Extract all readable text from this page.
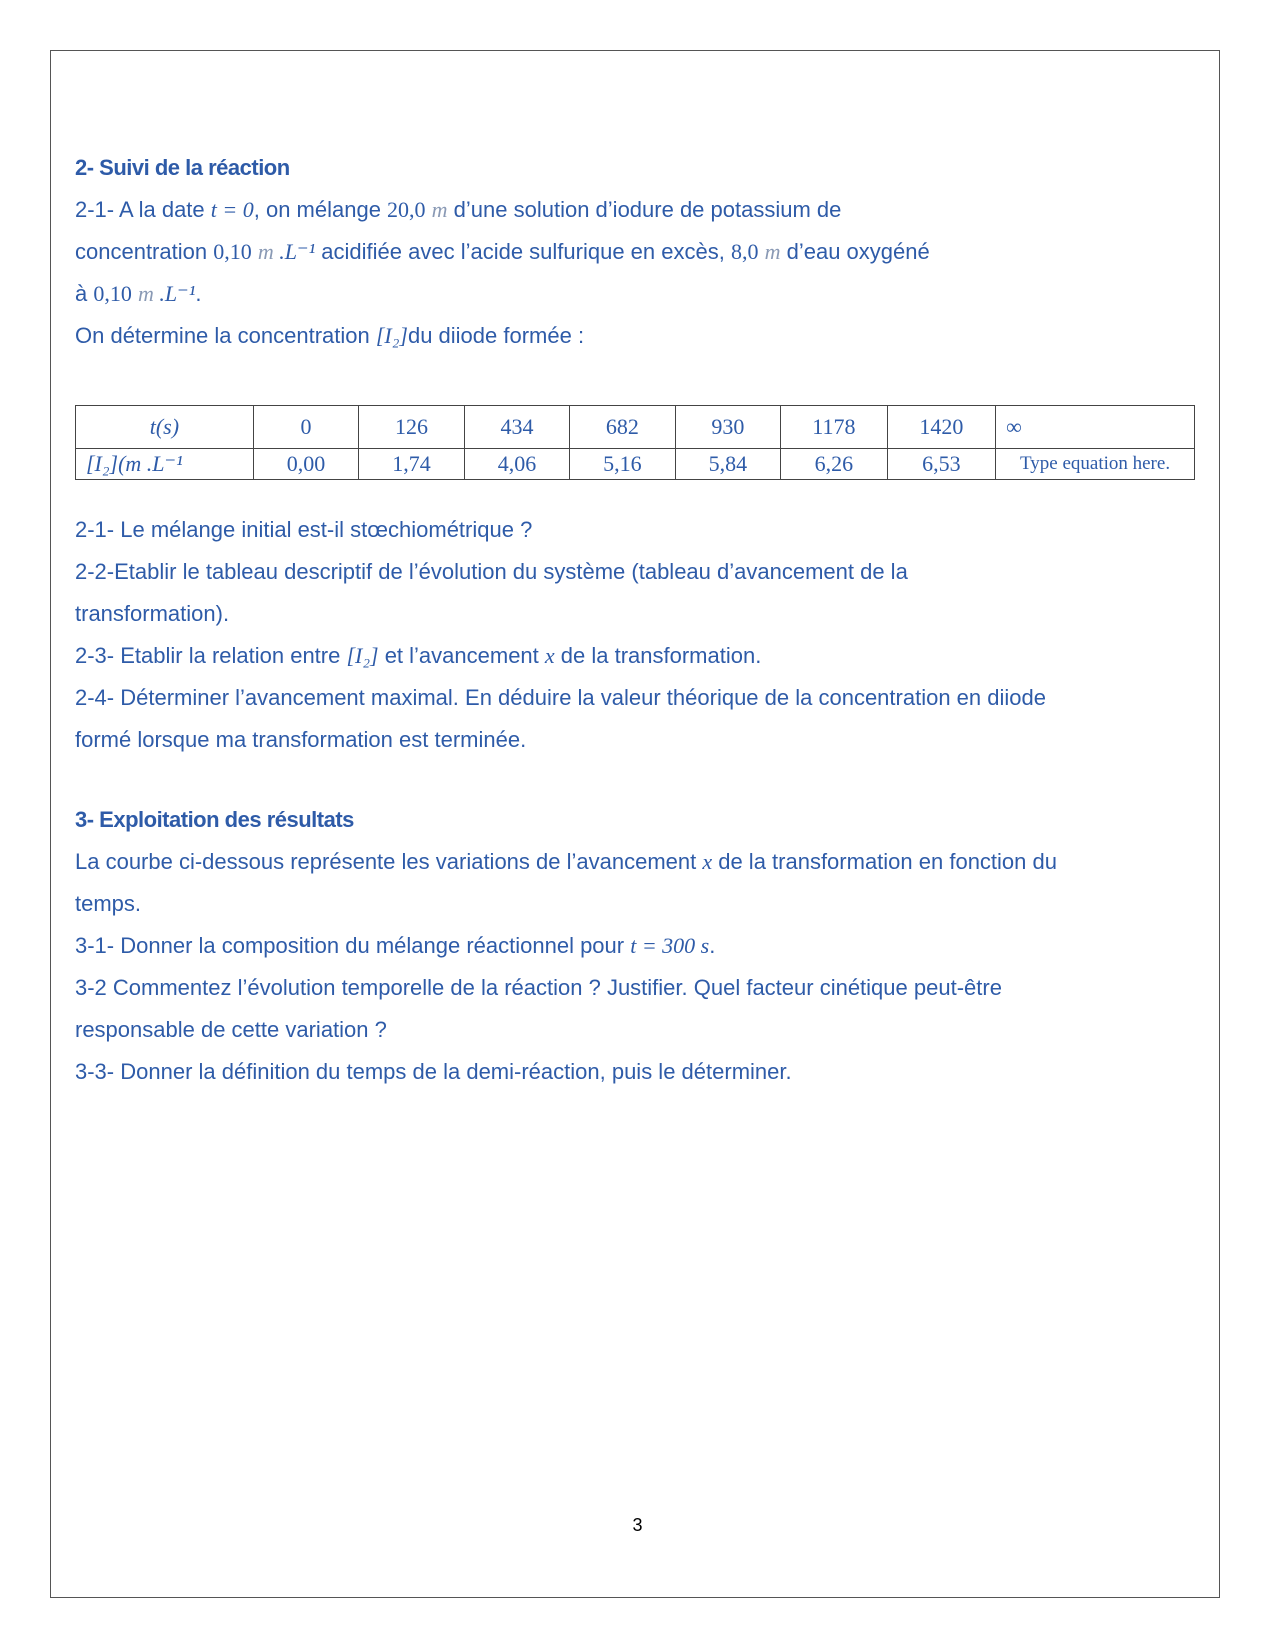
2- Suivi de la réaction
2-1- A la date t = 0, on mélange 20,0 m d’une solution d’iodure de potassium de
concentration 0,10 m .L⁻¹ acidifiée avec l’acide sulfurique en excès, 8,0 m d’eau oxygéné
à 0,10 m .L⁻¹.
On détermine la concentration [I₂]du diiode formée :
t(s)	0	126	434	682	930	1178	1420	∞
[I₂](m .L⁻¹	0,00	1,74	4,06	5,16	5,84	6,26	6,53	Type equation here.
2-1- Le mélange initial est-il stœchiométrique ?
2-2-Etablir le tableau descriptif de l’évolution du système (tableau d’avancement de la
transformation).
2-3- Etablir la relation entre [I₂] et l’avancement x de la transformation.
2-4- Déterminer l’avancement maximal. En déduire la valeur théorique de la concentration en diiode
formé lorsque ma transformation est terminée.
3- Exploitation des résultats
La courbe ci-dessous représente les variations de l’avancement x de la transformation en fonction du
temps.
3-1- Donner la composition du mélange réactionnel pour t = 300 s.
3-2 Commentez l’évolution temporelle de la réaction ? Justifier. Quel facteur cinétique peut-être
responsable de cette variation ?
3-3- Donner la définition du temps de la demi-réaction, puis le déterminer.
3
